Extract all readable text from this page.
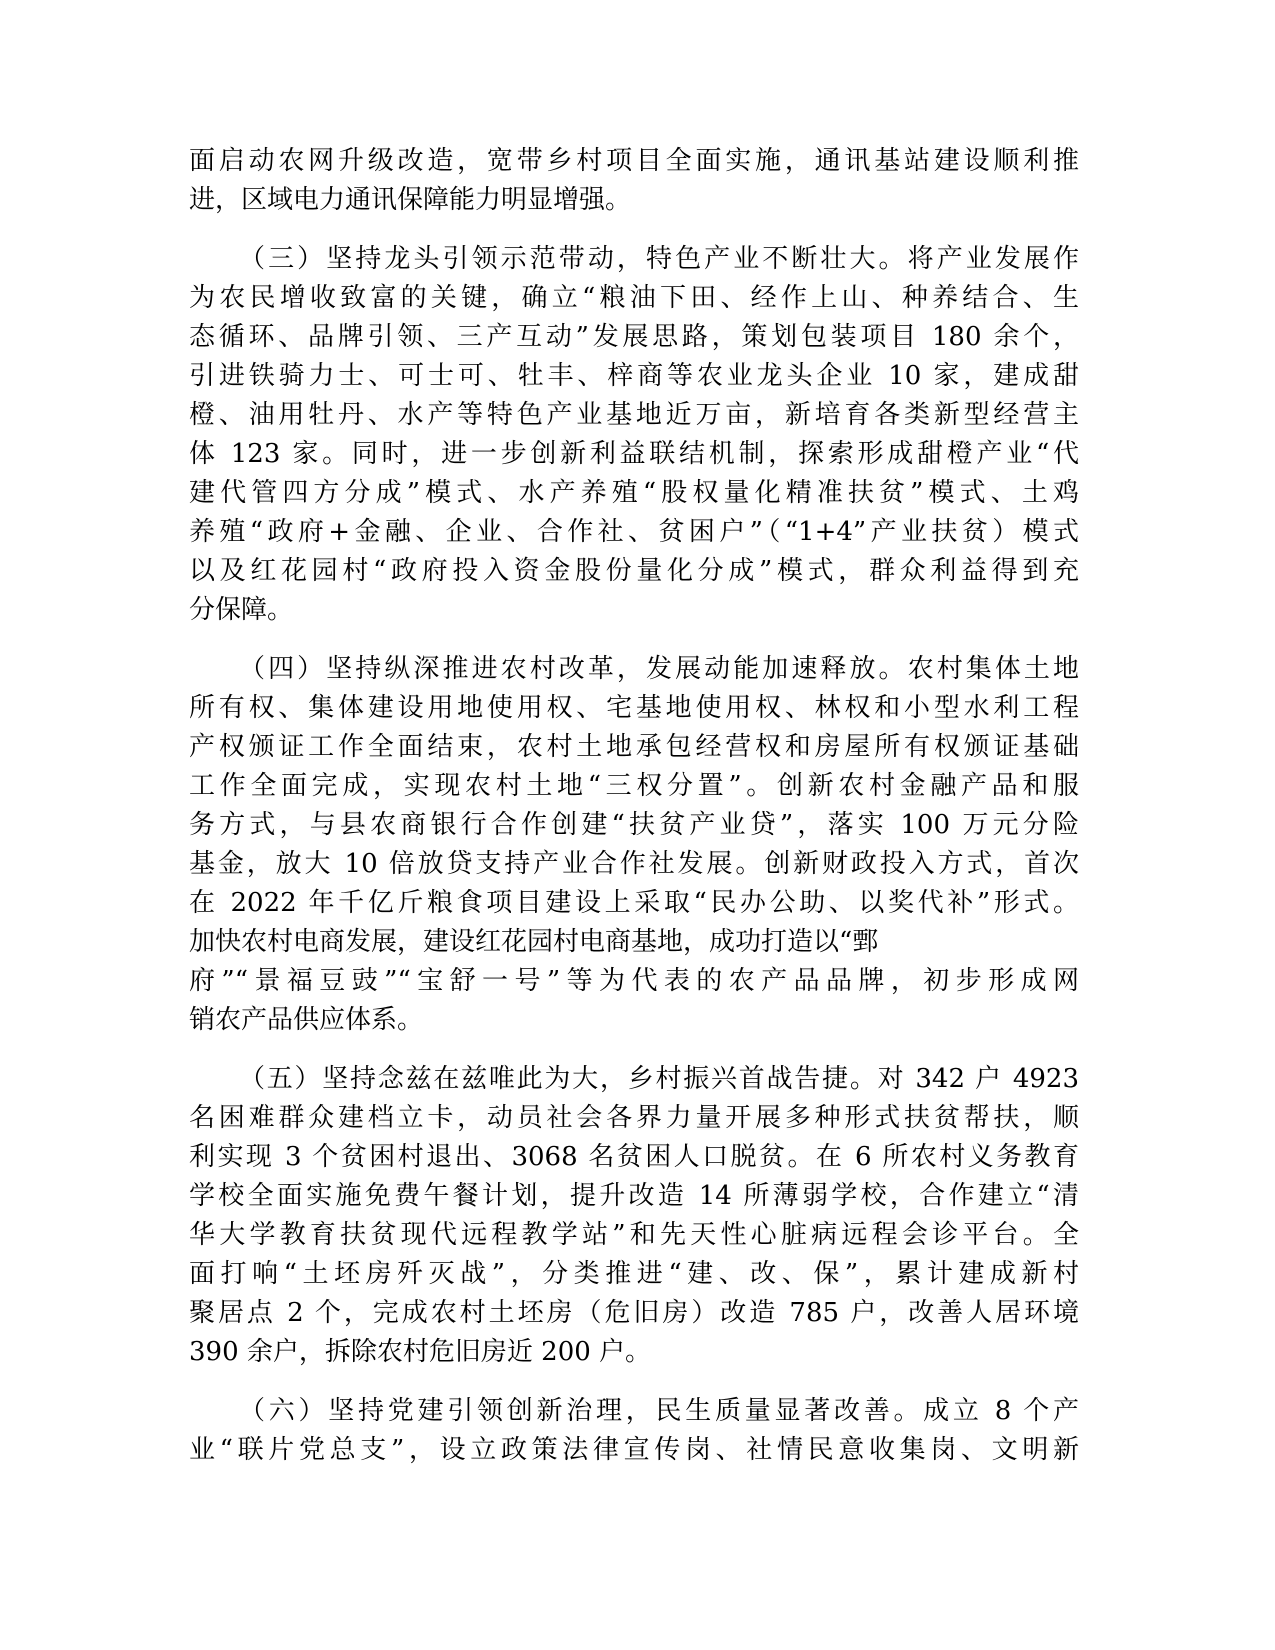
面启动农网升级改造，宽带乡村项目全面实施，通讯基站建设顺利推
进，区域电力通讯保障能力明显增强。
（三）坚持龙头引领示范带动，特色产业不断壮大。将产业发展作
为农民增收致富的关键，确立“粮油下田、经作上山、种养结合、生
态循环、品牌引领、三产互动”发展思路，策划包装项目 180 余个，
引进铁骑力士、可士可、牡丰、梓商等农业龙头企业 10 家，建成甜
橙、油用牡丹、水产等特色产业基地近万亩，新培育各类新型经营主
体 123 家。同时，进一步创新利益联结机制，探索形成甜橙产业“代
建代管四方分成”模式、水产养殖“股权量化精准扶贫”模式、土鸡
养殖“政府+金融、企业、合作社、贫困户”（“1+4”产业扶贫）模式
以及红花园村“政府投入资金股份量化分成”模式，群众利益得到充
分保障。
（四）坚持纵深推进农村改革，发展动能加速释放。农村集体土地
所有权、集体建设用地使用权、宅基地使用权、林权和小型水利工程
产权颁证工作全面结束，农村土地承包经营权和房屋所有权颁证基础
工作全面完成，实现农村土地“三权分置”。创新农村金融产品和服
务方式，与县农商银行合作创建“扶贫产业贷”，落实 100 万元分险
基金，放大 10 倍放贷支持产业合作社发展。创新财政投入方式，首次
在 2022 年千亿斤粮食项目建设上采取“民办公助、以奖代补”形式。
加快农村电商发展，建设红花园村电商基地，成功打造以“鄄
府”“景福豆豉”“宝舒一号”等为代表的农产品品牌，初步形成网
销农产品供应体系。
（五）坚持念兹在兹唯此为大，乡村振兴首战告捷。对 342 户 4923
名困难群众建档立卡，动员社会各界力量开展多种形式扶贫帮扶，顺
利实现 3 个贫困村退出、3068 名贫困人口脱贫。在 6 所农村义务教育
学校全面实施免费午餐计划，提升改造 14 所薄弱学校，合作建立“清
华大学教育扶贫现代远程教学站”和先天性心脏病远程会诊平台。全
面打响“土坯房歼灭战”，分类推进“建、改、保”，累计建成新村
聚居点 2 个，完成农村土坯房（危旧房）改造 785 户，改善人居环境
390 余户，拆除农村危旧房近 200 户。
（六）坚持党建引领创新治理，民生质量显著改善。成立 8 个产
业“联片党总支”，设立政策法律宣传岗、社情民意收集岗、文明新
